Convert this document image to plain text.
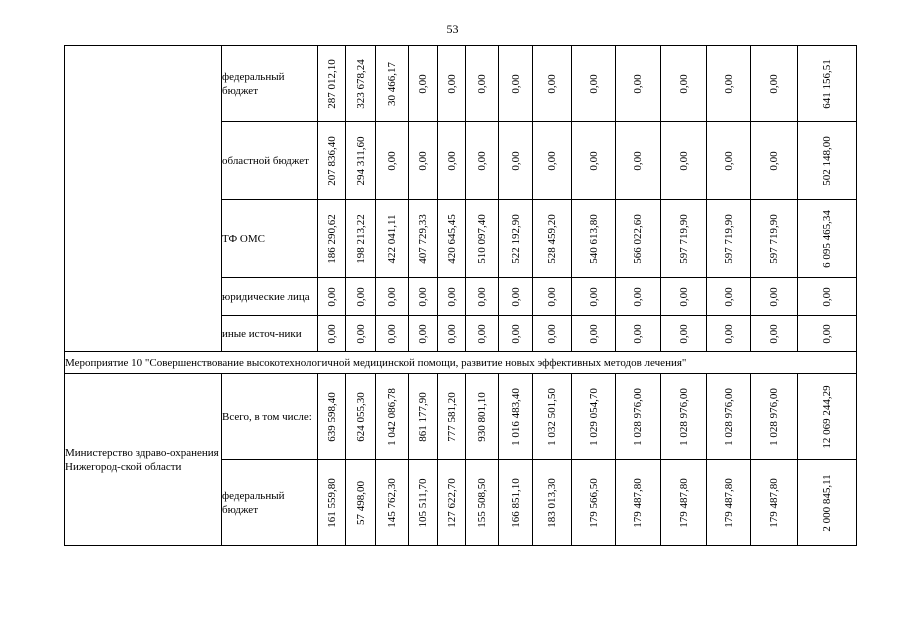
53
	федеральный бюджет	287 012,10	323 678,24	30 466,17	0,00	0,00	0,00	0,00	0,00	0,00	0,00	0,00	0,00	0,00	641 156,51

	областной бюджет	207 836,40	294 311,60	0,00	0,00	0,00	0,00	0,00	0,00	0,00	0,00	0,00	0,00	0,00	502 148,00

	ТФ ОМС	186 290,62	198 213,22	422 041,11	407 729,33	420 645,45	510 097,40	522 192,90	528 459,20	540 613,80	566 022,60	597 719,90	597 719,90	597 719,90	6 095 465,34

	юридические лица	0,00	0,00	0,00	0,00	0,00	0,00	0,00	0,00	0,00	0,00	0,00	0,00	0,00	0,00

	иные источ-ники	0,00	0,00	0,00	0,00	0,00	0,00	0,00	0,00	0,00	0,00	0,00	0,00	0,00	0,00

Мероприятие 10 "Совершенствование высокотехнологичной медицинской помощи, развитие новых эффективных методов лечения"															
Министерство здраво-охранения Нижегород-ской области	Всего, в том числе:	639 598,40	624 055,30	1 042 086,78	861 177,90	777 581,20	930 801,10	1 016 483,40	1 032 501,50	1 029 054,70	1 028 976,00	1 028 976,00	1 028 976,00	1 028 976,00	12 069 244,29

	федеральный бюджет	161 559,80	57 498,00	145 762,30	105 511,70	127 622,70	155 508,50	166 851,10	183 013,30	179 566,50	179 487,80	179 487,80	179 487,80	179 487,80	2 000 845,11
